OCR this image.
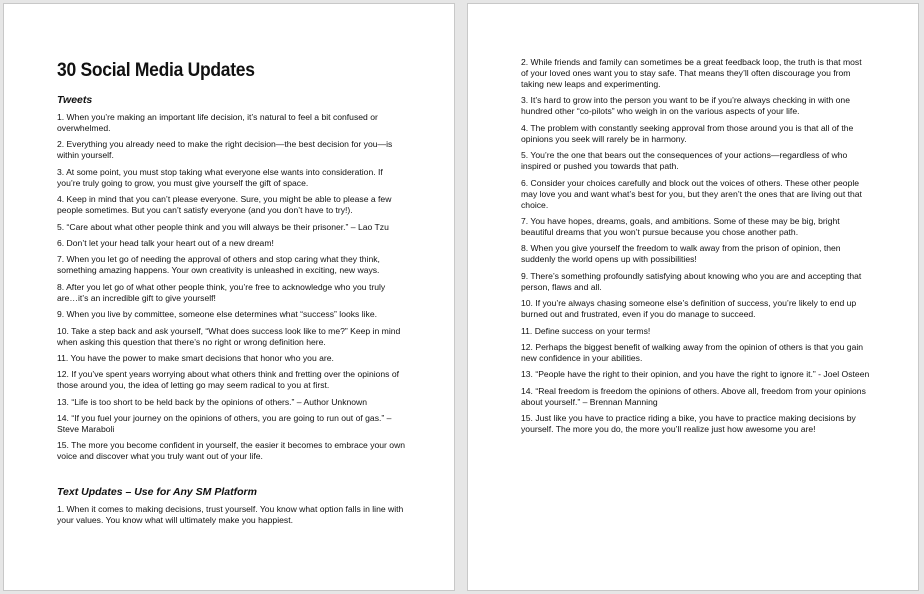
30 Social Media Updates
Tweets

1. When you’re making an important life decision, it’s natural to feel a bit confused or overwhelmed.

2. Everything you already need to make the right decision—the best decision for you—is within yourself.

3. At some point, you must stop taking what everyone else wants into consideration. If you’re truly going to grow, you must give yourself the gift of space.

4. Keep in mind that you can’t please everyone. Sure, you might be able to please a few people sometimes. But you can’t satisfy everyone (and you don’t have to try!).

5. “Care about what other people think and you will always be their prisoner.” – Lao Tzu

6. Don’t let your head talk your heart out of a new dream!

7. When you let go of needing the approval of others and stop caring what they think, something amazing happens. Your own creativity is unleashed in exciting, new ways.

8. After you let go of what other people think, you’re free to acknowledge who you truly are…it’s an incredible gift to give yourself!

9. When you live by committee, someone else determines what “success” looks like.

10. Take a step back and ask yourself, “What does success look like to me?” Keep in mind when asking this question that there’s no right or wrong definition here.

11. You have the power to make smart decisions that honor who you are.

12. If you’ve spent years worrying about what others think and fretting over the opinions of those around you, the idea of letting go may seem radical to you at first.

13. “Life is too short to be held back by the opinions of others.” – Author Unknown

14. “If you fuel your journey on the opinions of others, you are going to run out of gas.” – Steve Maraboli

15. The more you become confident in yourself, the easier it becomes to embrace your own voice and discover what you truly want out of your life.

Text Updates – Use for Any SM Platform

1. When it comes to making decisions, trust yourself. You know what option falls in line with your values. You know what will ultimately make you happiest.

2. While friends and family can sometimes be a great feedback loop, the truth is that most of your loved ones want you to stay safe. That means they’ll often discourage you from taking new leaps and experimenting.

3. It’s hard to grow into the person you want to be if you’re always checking in with one hundred other “co-pilots” who weigh in on the various aspects of your life.

4. The problem with constantly seeking approval from those around you is that all of the opinions you seek will rarely be in harmony.

5. You’re the one that bears out the consequences of your actions—regardless of who inspired or pushed you towards that path.

6. Consider your choices carefully and block out the voices of others. These other people may love you and want what’s best for you, but they aren’t the ones that are living out that choice.

7. You have hopes, dreams, goals, and ambitions. Some of these may be big, bright beautiful dreams that you won’t pursue because you chose another path.

8. When you give yourself the freedom to walk away from the prison of opinion, then suddenly the world opens up with possibilities!

9. There’s something profoundly satisfying about knowing who you are and accepting that person, flaws and all.

10. If you’re always chasing someone else’s definition of success, you’re likely to end up burned out and frustrated, even if you do manage to succeed.

11. Define success on your terms!

12. Perhaps the biggest benefit of walking away from the opinion of others is that you gain new confidence in your abilities.

13. “People have the right to their opinion, and you have the right to ignore it.” - Joel Osteen

14. “Real freedom is freedom the opinions of others. Above all, freedom from your opinions about yourself.” – Brennan Manning

15. Just like you have to practice riding a bike, you have to practice making decisions by yourself. The more you do, the more you’ll realize just how awesome you are!
